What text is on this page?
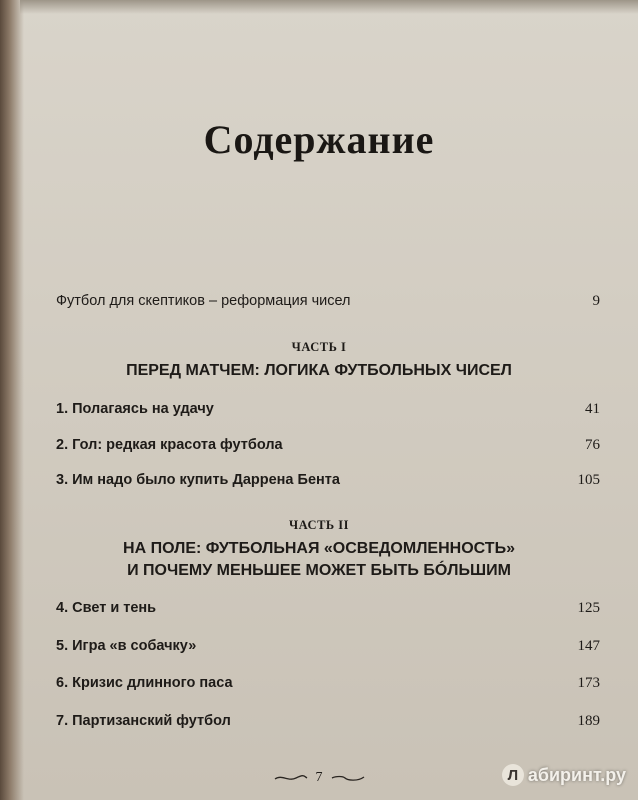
Содержание
Футбол для скептиков – реформация чисел	9
ЧАСТЬ I
ПЕРЕД МАТЧЕМ: ЛОГИКА ФУТБОЛЬНЫХ ЧИСЕЛ
1. Полагаясь на удачу	41
2. Гол: редкая красота футбола	76
3. Им надо было купить Даррена Бента	105
ЧАСТЬ II
НА ПОЛЕ: ФУТБОЛЬНАЯ «ОСВЕДОМЛЕННОСТЬ»
И ПОЧЕМУ МЕНЬШЕЕ МОЖЕТ БЫТЬ БÓЛЬШИМ
4. Свет и тень	125
5. Игра «в собачку»	147
6. Кризис длинного паса	173
7. Партизанский футбол	189
7	Л абиринт.ру
